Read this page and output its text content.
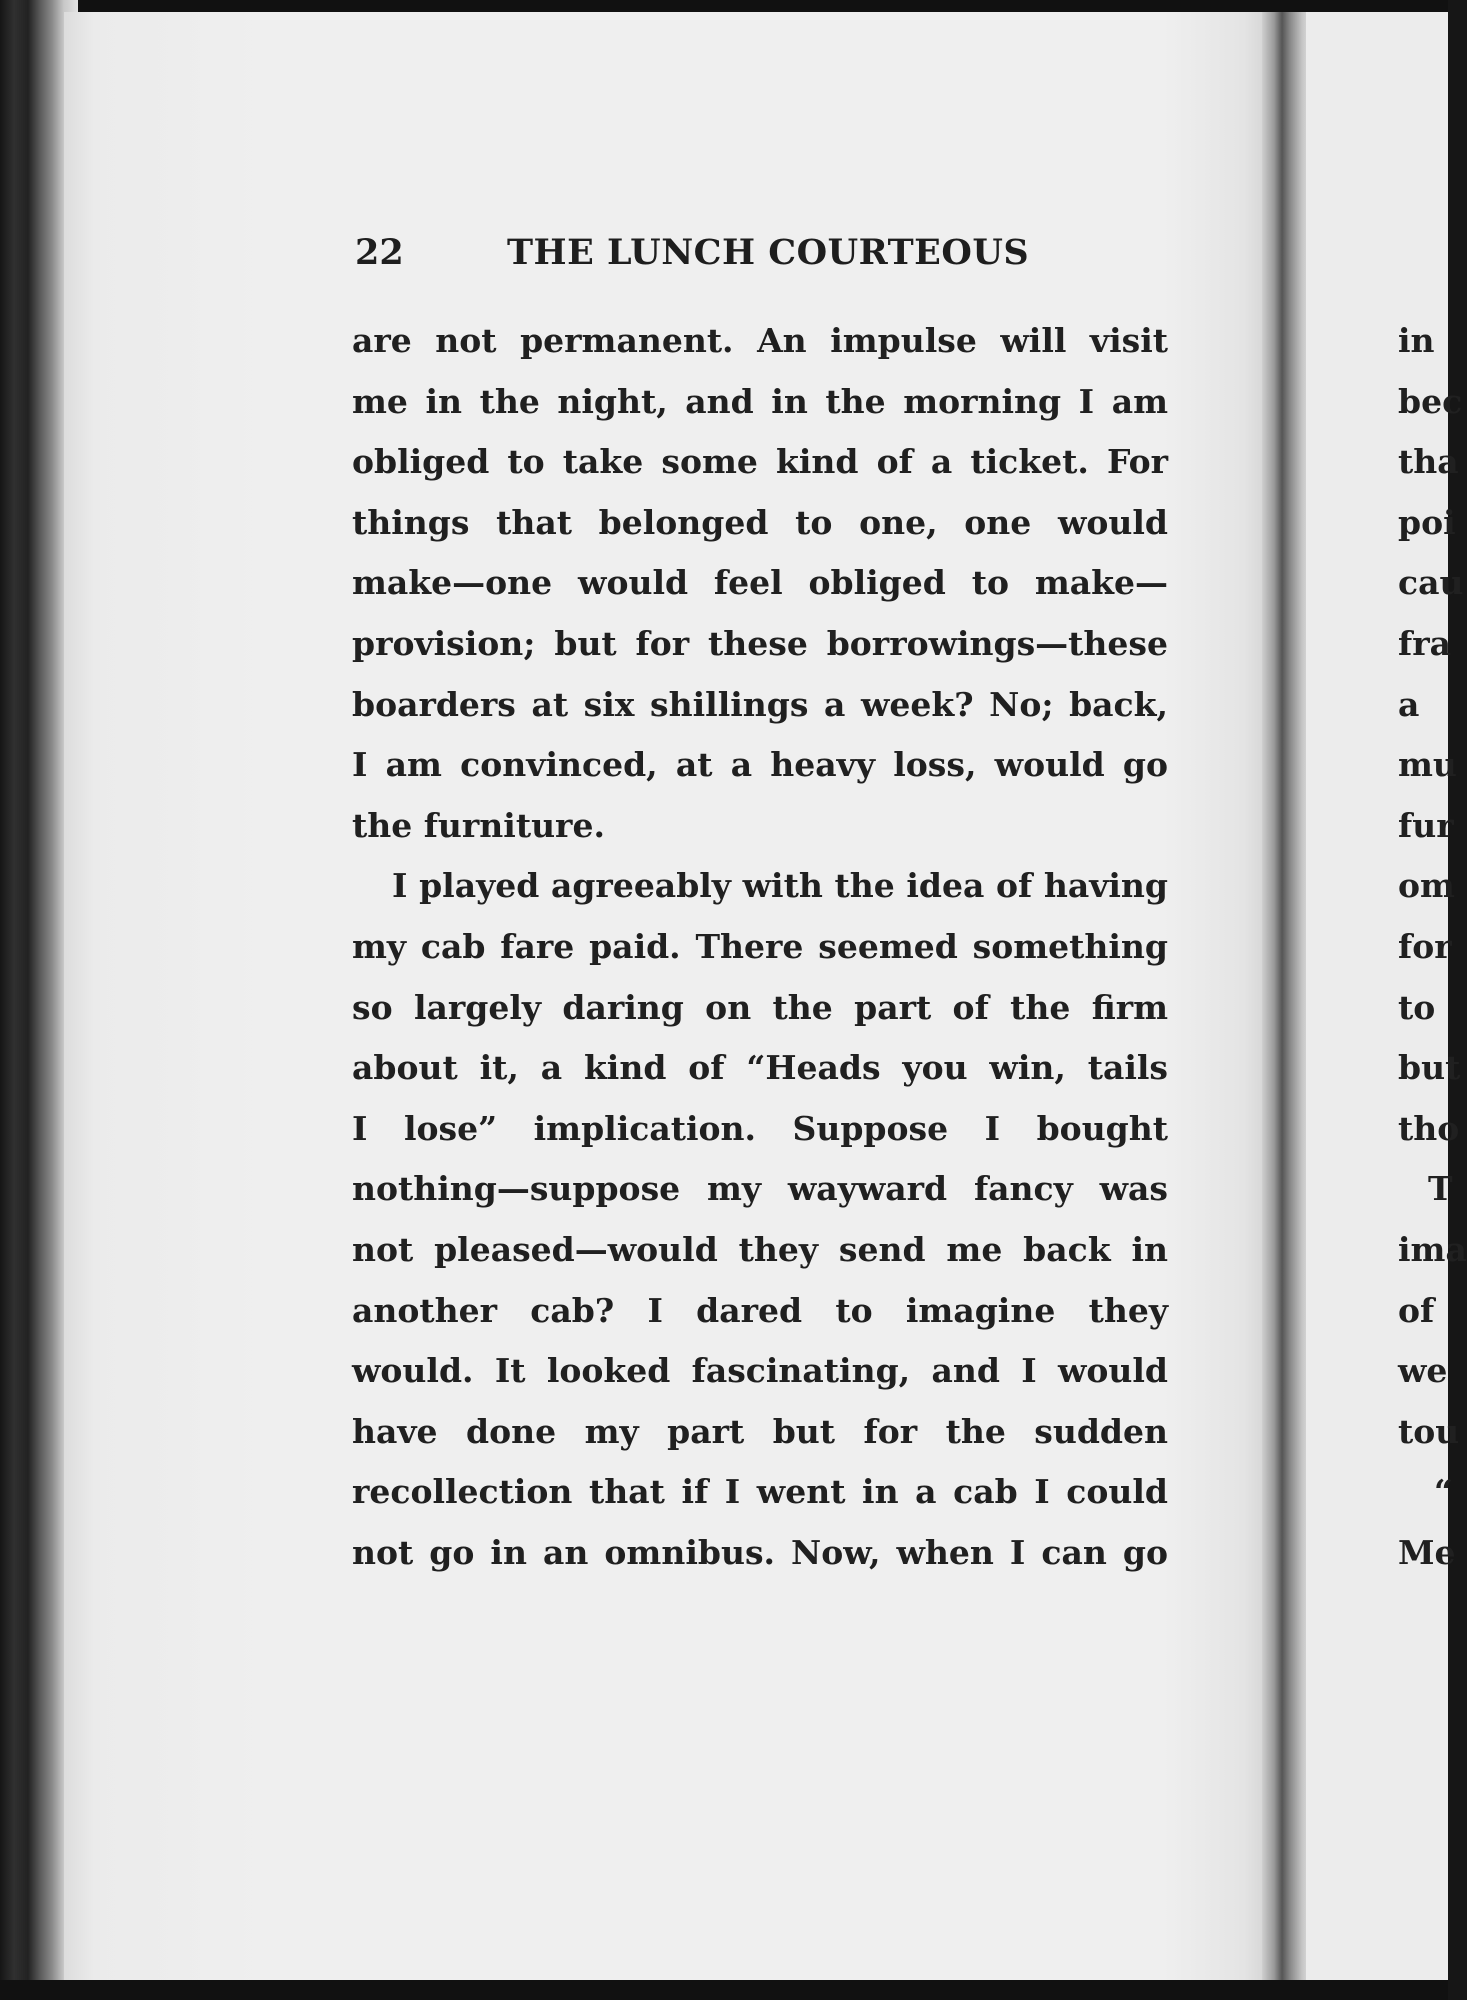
22	THE LUNCH COURTEOUS
are not permanent. An impulse will visit
me in the night, and in the morning I am
obliged to take some kind of a ticket. For
things that belonged to one, one would
make—one would feel obliged to make—
provision; but for these borrowings—these
boarders at six shillings a week? No; back,
I am convinced, at a heavy loss, would go
the furniture.
I played agreeably with the idea of having
my cab fare paid. There seemed something
so largely daring on the part of the firm
about it, a kind of “Heads you win, tails
I lose” implication. Suppose I bought
nothing—suppose my wayward fancy was
not pleased—would they send me back in
another cab? I dared to imagine they
would. It looked fascinating, and I would
have done my part but for the sudden
recollection that if I went in a cab I could
not go in an omnibus. Now, when I can go
in
bec
tha
poi
cau
fra
a
mu
fur
om
for
to
but
tho
T
ima
of
we
tou
“
Me
